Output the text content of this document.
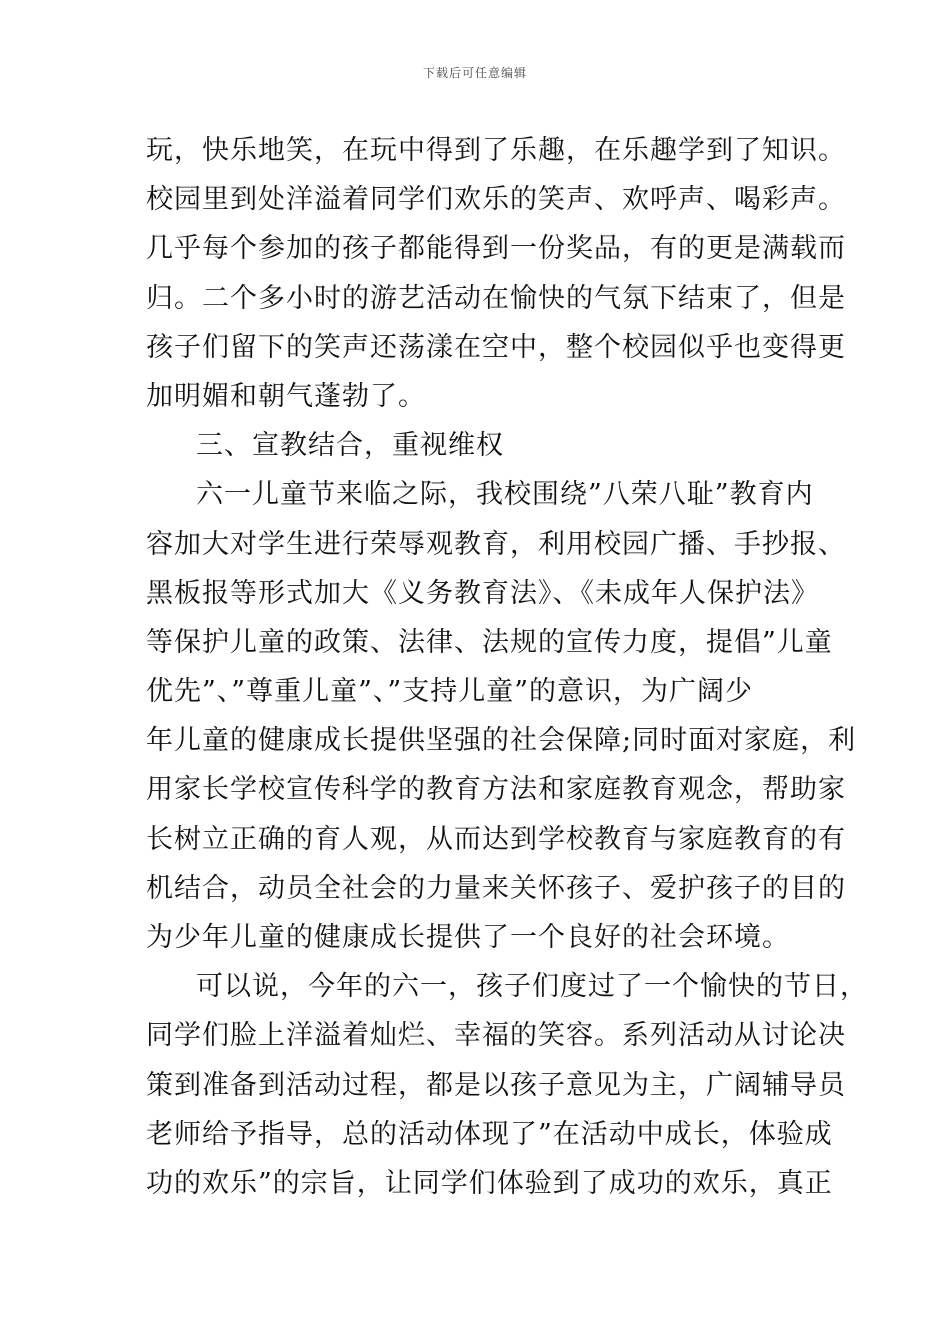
下载后可任意编辑
玩，快乐地笑，在玩中得到了乐趣，在乐趣学到了知识。
校园里到处洋溢着同学们欢乐的笑声、欢呼声、喝彩声。
几乎每个参加的孩子都能得到一份奖品，有的更是满载而
归。二个多小时的游艺活动在愉快的气氛下结束了，但是
孩子们留下的笑声还荡漾在空中，整个校园似乎也变得更
加明媚和朝气蓬勃了。
三、宣教结合，重视维权
六一儿童节来临之际，我校围绕”八荣八耻”教育内
容加大对学生进行荣辱观教育，利用校园广播、手抄报、
黑板报等形式加大《义务教育法》、《未成年人保护法》
等保护儿童的政策、法律、法规的宣传力度，提倡”儿童
优先”、”尊重儿童”、”支持儿童”的意识，为广阔少
年儿童的健康成长提供坚强的社会保障;同时面对家庭，利
用家长学校宣传科学的教育方法和家庭教育观念，帮助家
长树立正确的育人观，从而达到学校教育与家庭教育的有
机结合，动员全社会的力量来关怀孩子、爱护孩子的目的
为少年儿童的健康成长提供了一个良好的社会环境。
可以说，今年的六一，孩子们度过了一个愉快的节日，
同学们脸上洋溢着灿烂、幸福的笑容。系列活动从讨论决
策到准备到活动过程，都是以孩子意见为主，广阔辅导员
老师给予指导，总的活动体现了”在活动中成长，体验成
功的欢乐”的宗旨，让同学们体验到了成功的欢乐，真正
